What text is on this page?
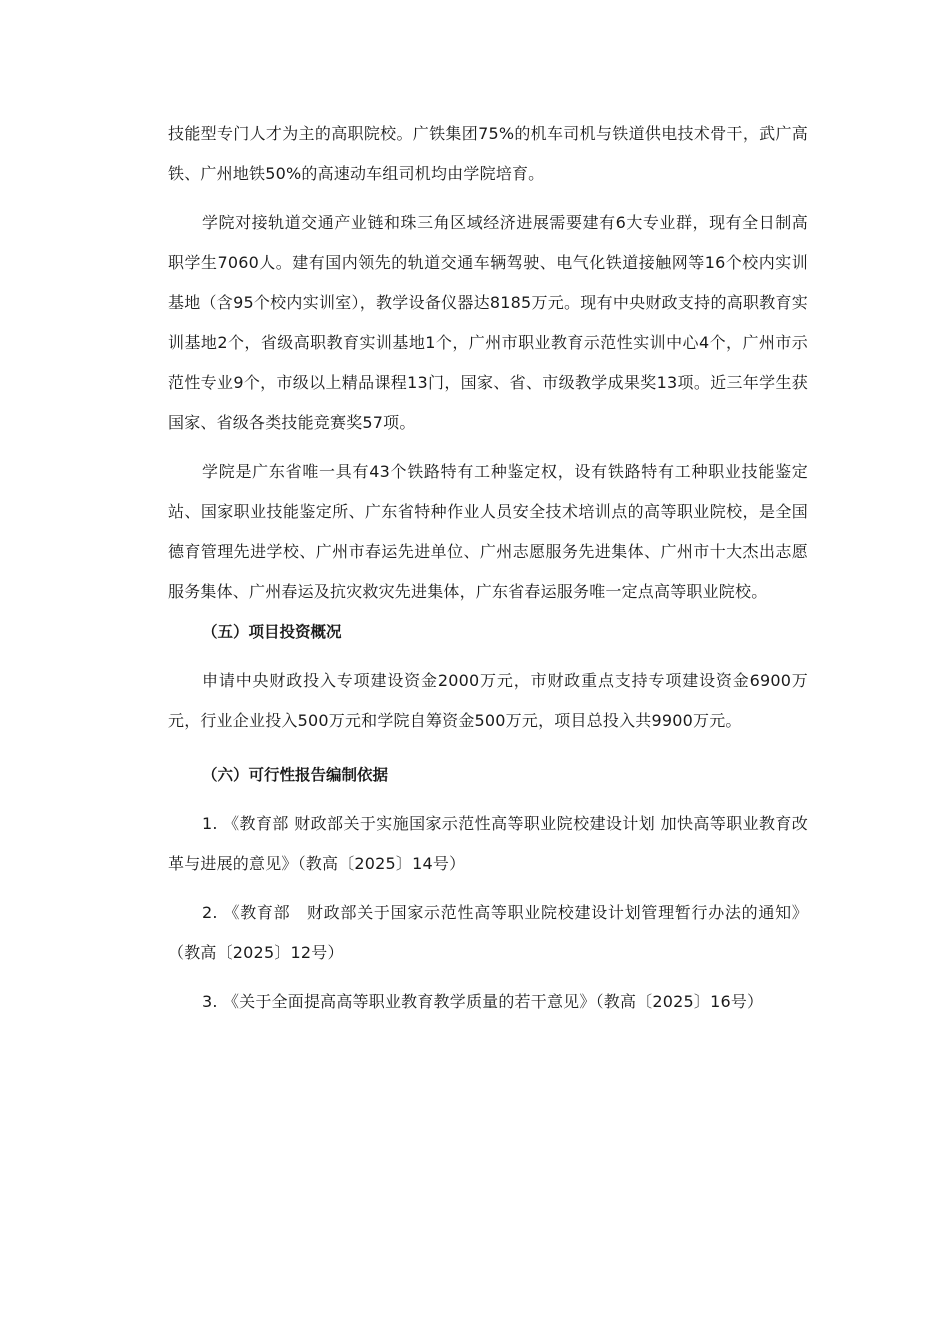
技能型专门人才为主的高职院校。广铁集团75%的机车司机与铁道供电技术骨干，武广高铁、广州地铁50%的高速动车组司机均由学院培育。

学院对接轨道交通产业链和珠三角区域经济进展需要建有6大专业群，现有全日制高职学生7060人。建有国内领先的轨道交通车辆驾驶、电气化铁道接触网等16个校内实训基地（含95个校内实训室），教学设备仪器达8185万元。现有中央财政支持的高职教育实训基地2个，省级高职教育实训基地1个，广州市职业教育示范性实训中心4个，广州市示范性专业9个，市级以上精品课程13门，国家、省、市级教学成果奖13项。近三年学生获国家、省级各类技能竞赛奖57项。

学院是广东省唯一具有43个铁路特有工种鉴定权，设有铁路特有工种职业技能鉴定站、国家职业技能鉴定所、广东省特种作业人员安全技术培训点的高等职业院校，是全国德育管理先进学校、广州市春运先进单位、广州志愿服务先进集体、广州市十大杰出志愿服务集体、广州春运及抗灾救灾先进集体，广东省春运服务唯一定点高等职业院校。

（五）项目投资概况

申请中央财政投入专项建设资金2000万元，市财政重点支持专项建设资金6900万元，行业企业投入500万元和学院自筹资金500万元，项目总投入共9900万元。

（六）可行性报告编制依据

1. 《教育部 财政部关于实施国家示范性高等职业院校建设计划 加快高等职业教育改革与进展的意见》（教高〔2025〕14号）

2. 《教育部　财政部关于国家示范性高等职业院校建设计划管理暂行办法的通知》（教高〔2025〕12号）

3. 《关于全面提高高等职业教育教学质量的若干意见》（教高〔2025〕16号）
